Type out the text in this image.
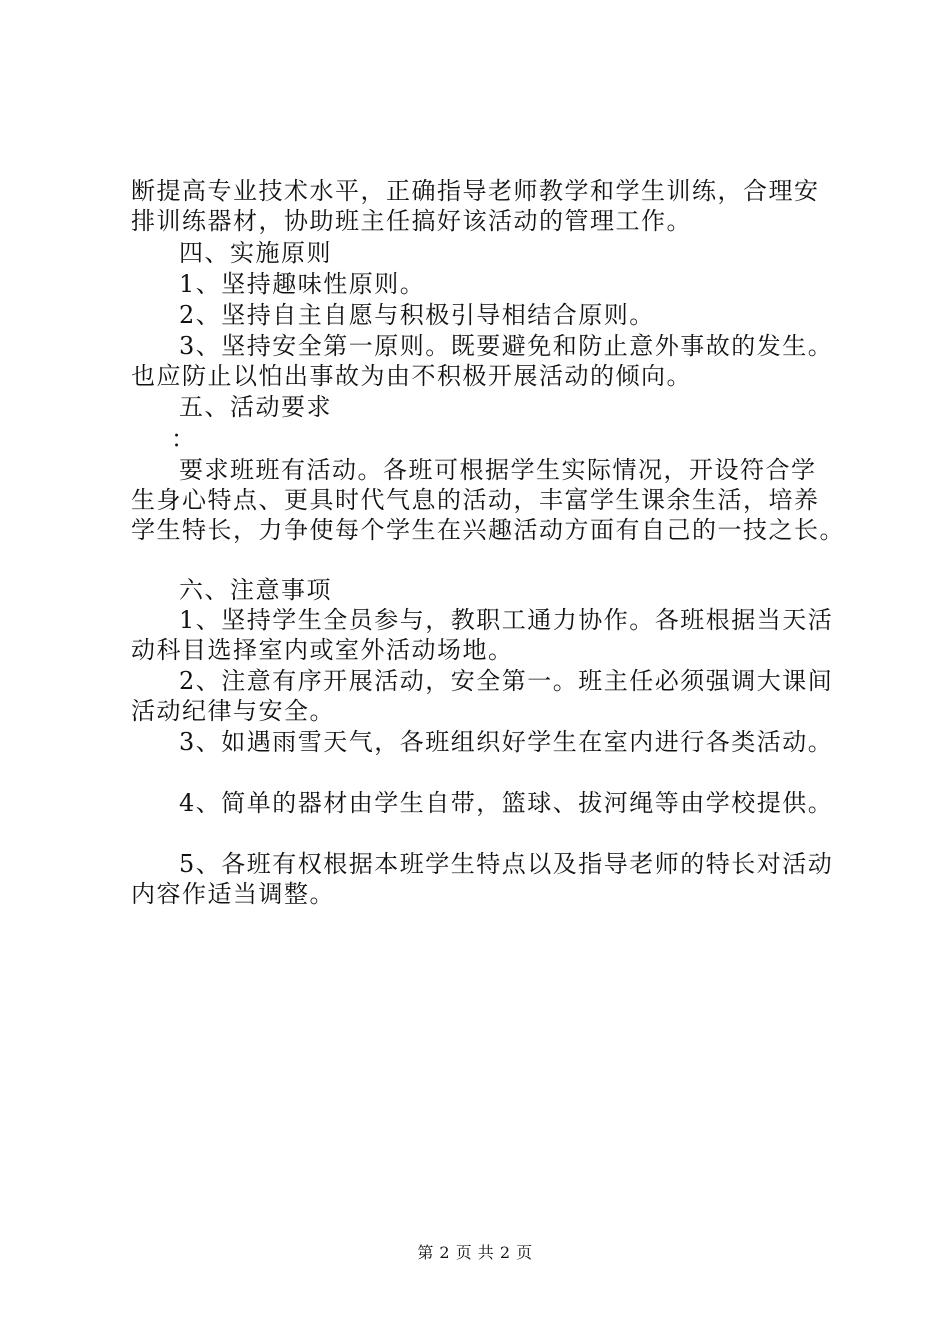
断提高专业技术水平，正确指导老师教学和学生训练，合理安
排训练器材，协助班主任搞好该活动的管理工作。
四、实施原则
1、坚持趣味性原则。
2、坚持自主自愿与积极引导相结合原则。
3、坚持安全第一原则。既要避免和防止意外事故的发生。
也应防止以怕出事故为由不积极开展活动的倾向。
五、活动要求
：
要求班班有活动。各班可根据学生实际情况，开设符合学
生身心特点、更具时代气息的活动，丰富学生课余生活，培养
学生特长，力争使每个学生在兴趣活动方面有自己的一技之长。
六、注意事项
1、坚持学生全员参与，教职工通力协作。各班根据当天活
动科目选择室内或室外活动场地。
2、注意有序开展活动，安全第一。班主任必须强调大课间
活动纪律与安全。
3、如遇雨雪天气，各班组织好学生在室内进行各类活动。
4、简单的器材由学生自带，篮球、拔河绳等由学校提供。
5、各班有权根据本班学生特点以及指导老师的特长对活动
内容作适当调整。
第 2 页 共 2 页
